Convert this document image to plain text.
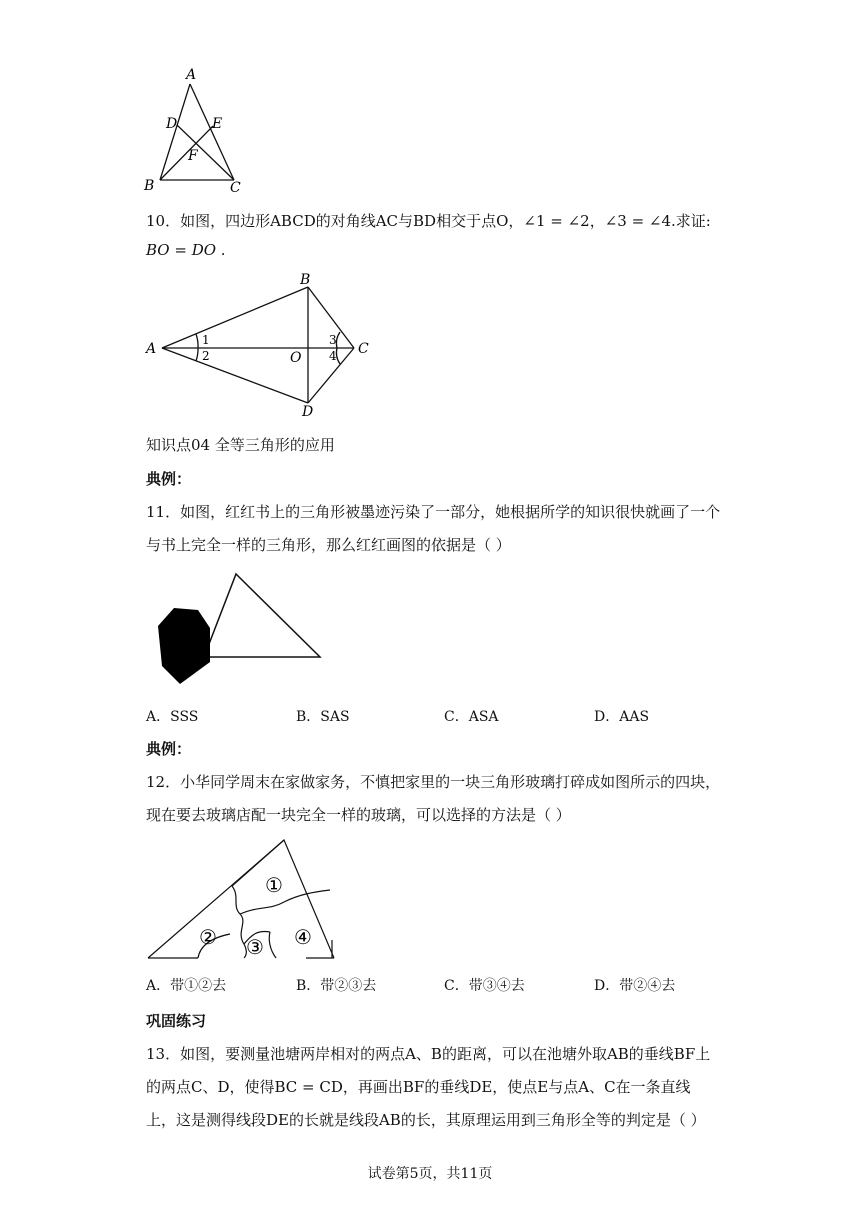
A
D E
F
B	C
10．如图，四边形ABCD的对角线AC与BD相交于点O，∠1 = ∠2，∠3 = ∠4.求证:
BO = DO .
B
A	C
D
O
1
2
3
4
知识点04 全等三角形的应用
典例：
11．如图，红红书上的三角形被墨迹污染了一部分，她根据所学的知识很快就画了一个
与书上完全一样的三角形，那么红红画图的依据是（ ）
A．SSS	B．SAS	C．ASA	D．AAS
典例：
12．小华同学周末在家做家务，不慎把家里的一块三角形玻璃打碎成如图所示的四块，
现在要去玻璃店配一块完全一样的玻璃，可以选择的方法是（ ）
①
② ③ ④
A．带①②去	B．带②③去	C．带③④去	D．带②④去
巩固练习
13．如图，要测量池塘两岸相对的两点A、B的距离，可以在池塘外取AB的垂线BF上
的两点C、D，使得BC = CD，再画出BF的垂线DE，使点E与点A、C在一条直线
上，这是测得线段DE的长就是线段AB的长，其原理运用到三角形全等的判定是（ ）
试卷第5页，共11页
